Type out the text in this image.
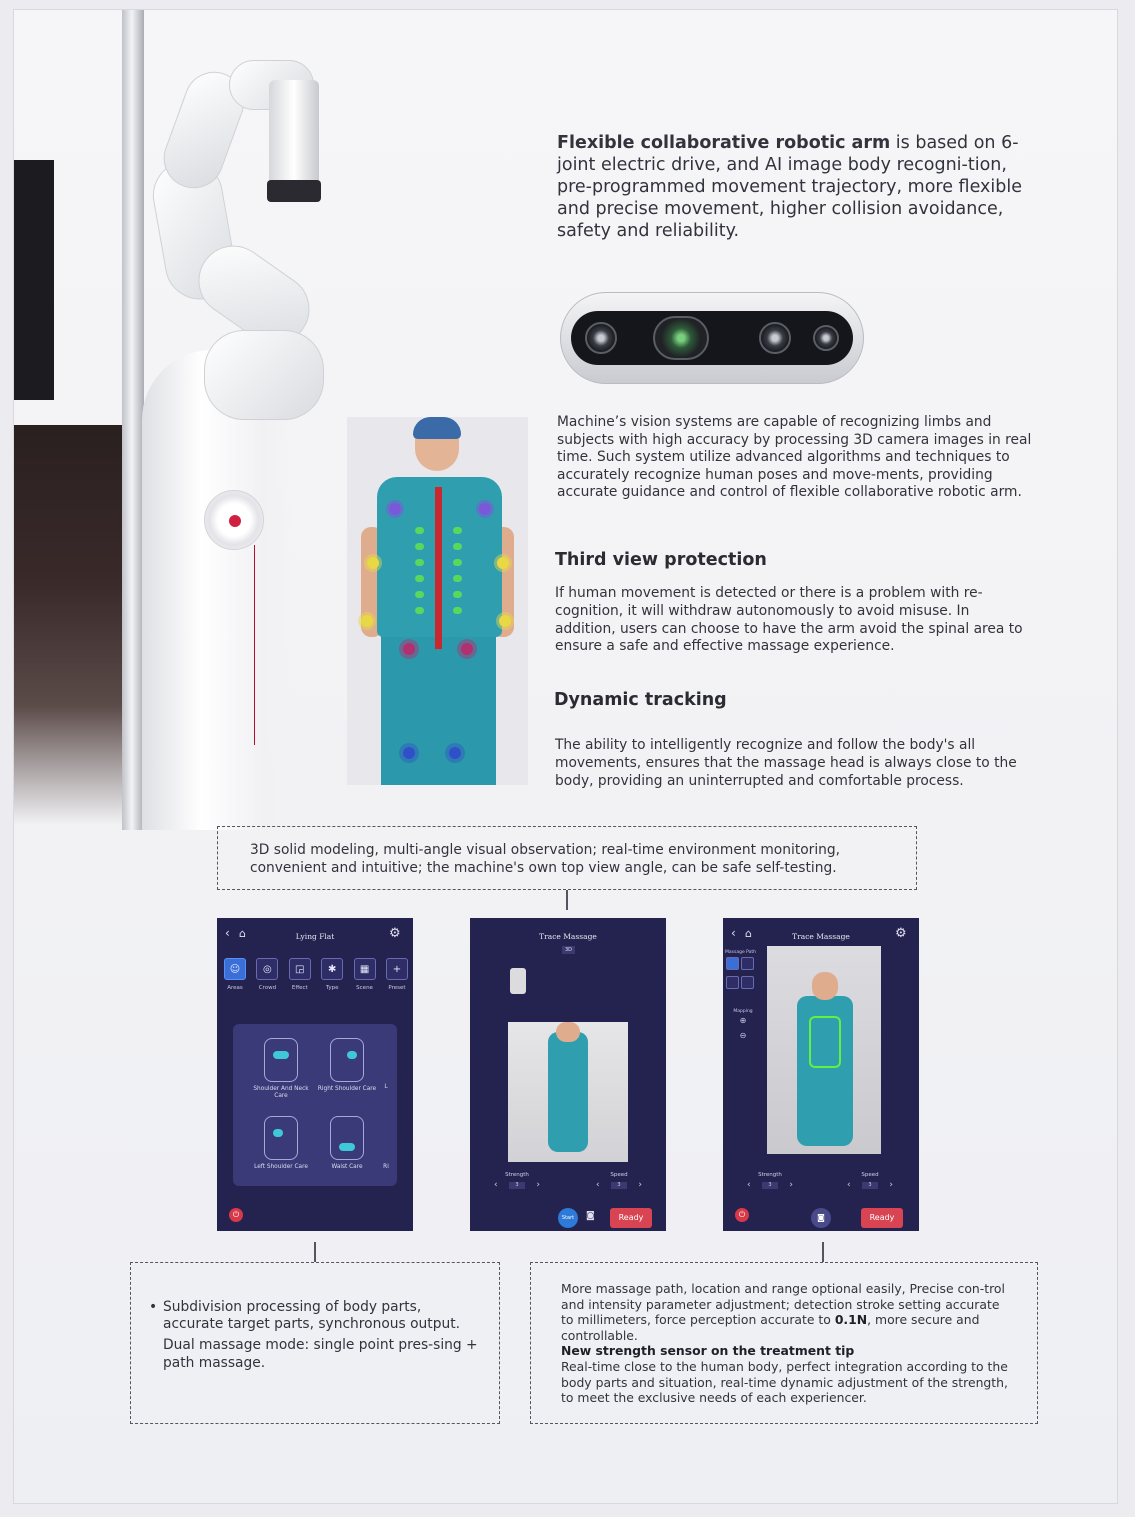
Flexible collaborative robotic arm is based on 6-joint electric drive, and AI image body recogni-tion, pre-programmed movement trajectory, more flexible and precise movement, higher collision avoidance, safety and reliability.
Machine’s vision systems are capable of recognizing limbs and subjects with high accuracy by processing 3D camera images in real time. Such system utilize advanced algorithms and techniques to accurately recognize human poses and move-ments, providing accurate guidance and control of flexible collaborative robotic arm.
Third view protection
If human movement is detected or there is a problem with re-cognition, it will withdraw autonomously to avoid misuse. In addition, users can choose to have the arm avoid the spinal area to ensure a safe and effective massage experience.
Dynamic tracking
The ability to intelligently recognize and follow the body's all movements, ensures that the massage head is always close to the body, providing an uninterrupted and comfortable process.
3D solid modeling, multi-angle visual observation; real-time environment monitoring, convenient and intuitive; the machine's own top view angle, can be safe self-testing.
‹ ⌂	Lying Flat	⚙
☺
Areas
◎
Crowd
◲
Effect
✱
Type
▦
Scene
+
Preset
Shoulder And Neck Care
Right Shoulder Care
Left Shoulder Care	Waist Care
L
Ri
⏻
Trace Massage
3D
Strength
‹	3	›
Speed
‹	3	›
Start	◙	Ready
‹ ⌂	Trace Massage	⚙
Massage Path

Mapping
⊕
⊖
Strength
‹	3	›
Speed
‹	3	›
⏻	◙	Ready
• Subdivision processing of body parts, accurate target parts, synchronous output.

Dual massage mode: single point pres-sing + path massage.

More massage path, location and range optional easily, Precise con-trol and intensity parameter adjustment; detection stroke setting accurate to millimeters, force perception accurate to 0.1N, more secure and controllable.
New strength sensor on the treatment tip
Real-time close to the human body, perfect integration according to the body parts and situation, real-time dynamic adjustment of the strength, to meet the exclusive needs of each experiencer.
